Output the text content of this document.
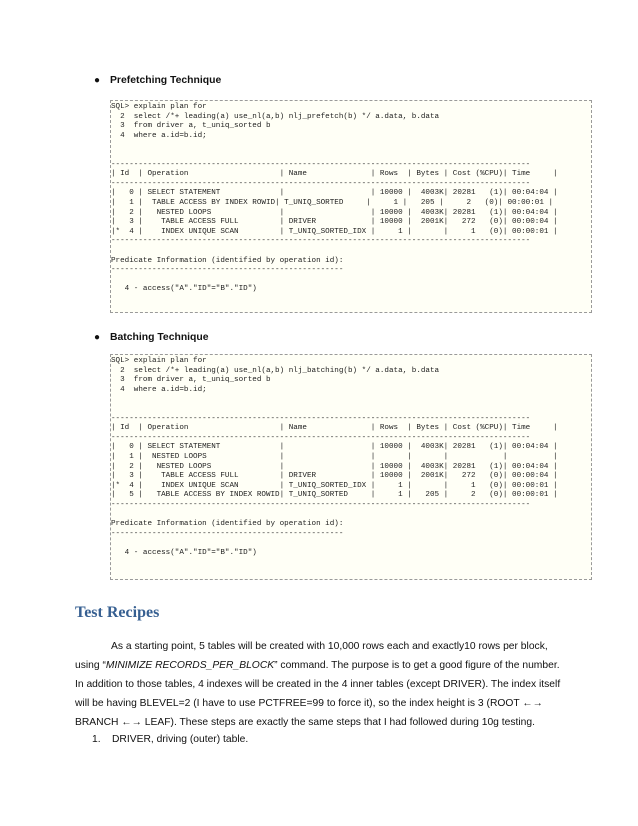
● Prefetching Technique
SQL> explain plan for
2  select /*+ leading(a) use_nl(a,b) nlj_prefetch(b) */ a.data, b.data
3  from driver a, t_uniq_sorted b
4  where a.id=b.id;

--------------------------------------------------------------------------------------------
| Id  | Operation                    | Name              | Rows  | Bytes | Cost (%CPU)| Time     |
--------------------------------------------------------------------------------------------
|   0 | SELECT STATEMENT             |                   | 10000 |  4003K| 20281   (1)| 00:04:04 |
|   1 |  TABLE ACCESS BY INDEX ROWID| T_UNIQ_SORTED     |     1 |   205 |     2   (0)| 00:00:01 |
|   2 |   NESTED LOOPS               |                   | 10000 |  4003K| 20281   (1)| 00:04:04 |
|   3 |    TABLE ACCESS FULL         | DRIVER            | 10000 |  2001K|   272   (0)| 00:00:04 |
|*  4 |    INDEX UNIQUE SCAN         | T_UNIQ_SORTED_IDX |     1 |       |     1   (0)| 00:00:01 |
--------------------------------------------------------------------------------------------

Predicate Information (identified by operation id):
---------------------------------------------------

4 - access("A"."ID"="B"."ID")
● Batching Technique
SQL> explain plan for
2  select /*+ leading(a) use_nl(a,b) nlj_batching(b) */ a.data, b.data
3  from driver a, t_uniq_sorted b
4  where a.id=b.id;

--------------------------------------------------------------------------------------------
| Id  | Operation                    | Name              | Rows  | Bytes | Cost (%CPU)| Time     |
--------------------------------------------------------------------------------------------
|   0 | SELECT STATEMENT             |                   | 10000 |  4003K| 20281   (1)| 00:04:04 |
|   1 |  NESTED LOOPS                |                   |       |       |            |          |
|   2 |   NESTED LOOPS               |                   | 10000 |  4003K| 20281   (1)| 00:04:04 |
|   3 |    TABLE ACCESS FULL         | DRIVER            | 10000 |  2001K|   272   (0)| 00:00:04 |
|*  4 |    INDEX UNIQUE SCAN         | T_UNIQ_SORTED_IDX |     1 |       |     1   (0)| 00:00:01 |
|   5 |   TABLE ACCESS BY INDEX ROWID| T_UNIQ_SORTED     |     1 |   205 |     2   (0)| 00:00:01 |
--------------------------------------------------------------------------------------------

Predicate Information (identified by operation id):
---------------------------------------------------

4 - access("A"."ID"="B"."ID")
Test Recipes

As a starting point, 5 tables will be created with 10,000 rows each and exactly10 rows per block, using “MINIMIZE RECORDS_PER_BLOCK” command. The purpose is to get a good figure of the number. In addition to those tables, 4 indexes will be created in the 4 inner tables (except DRIVER). The index itself will be having BLEVEL=2 (I have to use PCTFREE=99 to force it), so the index height is 3 (ROOT ←→ BRANCH ←→ LEAF). These steps are exactly the same steps that I had followed during 10g testing.

1. DRIVER, driving (outer) table.
